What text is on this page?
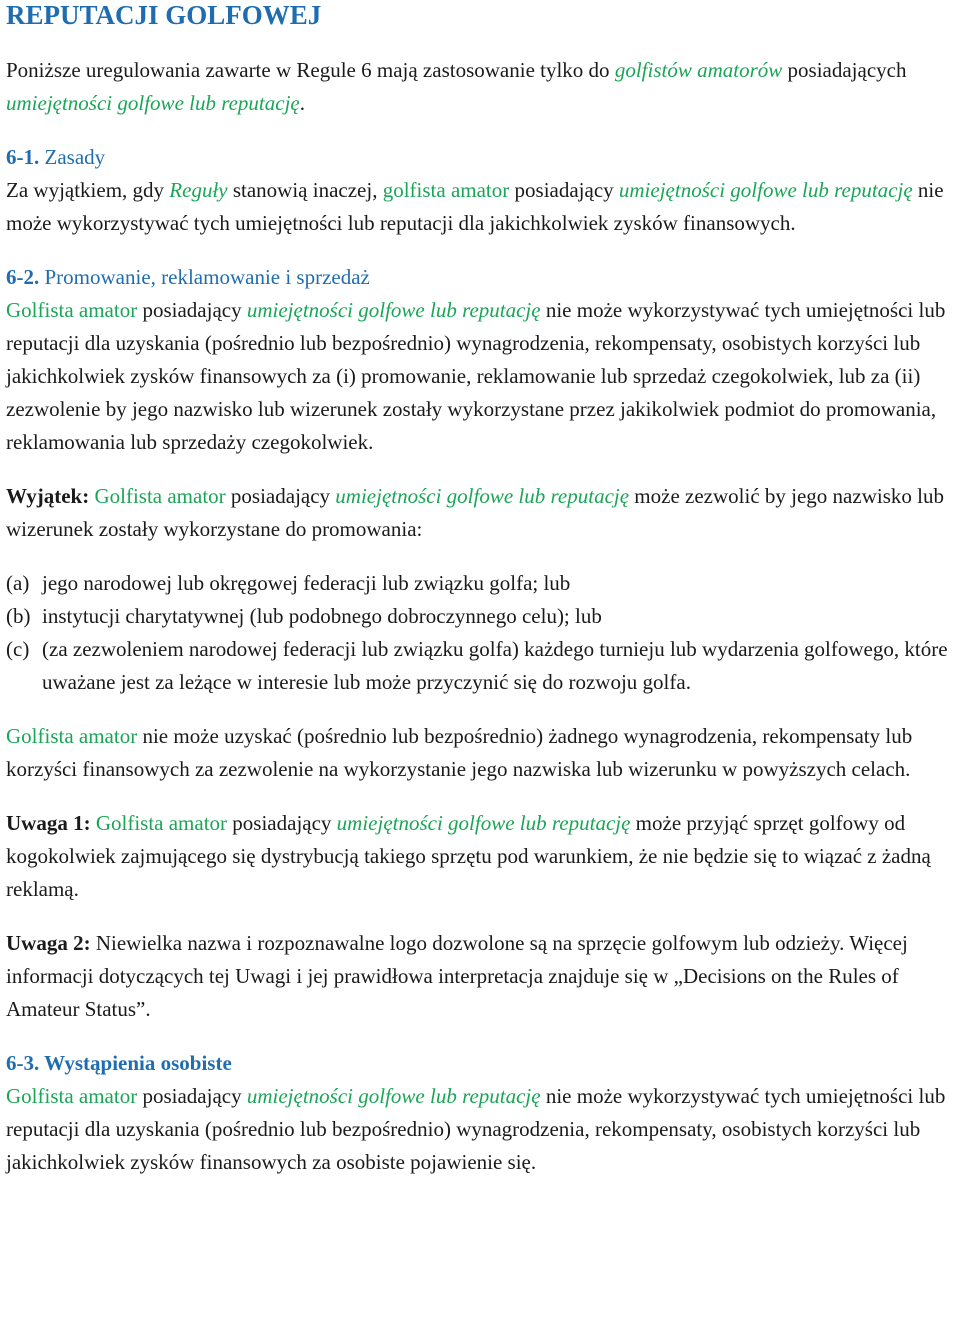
REPUTACJI GOLFOWEJ

Poniższe uregulowania zawarte w Regule 6 mają zastosowanie tylko do golfistów amatorów posiadających umiejętności golfowe lub reputację.

6-1. Zasady

Za wyjątkiem, gdy Reguły stanowią inaczej, golfista amator posiadający umiejętności golfowe lub reputację nie może wykorzystywać tych umiejętności lub reputacji dla jakichkolwiek zysków finansowych.

6-2. Promowanie, reklamowanie i sprzedaż

Golfista amator posiadający umiejętności golfowe lub reputację nie może wykorzystywać tych umiejętności lub reputacji dla uzyskania (pośrednio lub bezpośrednio) wynagrodzenia, rekompensaty, osobistych korzyści lub jakichkolwiek zysków finansowych za (i) promowanie, reklamowanie lub sprzedaż czegokolwiek, lub za (ii) zezwolenie by jego nazwisko lub wizerunek zostały wykorzystane przez jakikolwiek podmiot do promowania, reklamowania lub sprzedaży czegokolwiek.

Wyjątek: Golfista amator posiadający umiejętności golfowe lub reputację może zezwolić by jego nazwisko lub wizerunek zostały wykorzystane do promowania:

(a) jego narodowej lub okręgowej federacji lub związku golfa; lub
(b) instytucji charytatywnej (lub podobnego dobroczynnego celu); lub
(c) (za zezwoleniem narodowej federacji lub związku golfa) każdego turnieju lub wydarzenia golfowego, które uważane jest za leżące w interesie lub może przyczynić się do rozwoju golfa.

Golfista amator nie może uzyskać (pośrednio lub bezpośrednio) żadnego wynagrodzenia, rekompensaty lub korzyści finansowych za zezwolenie na wykorzystanie jego nazwiska lub wizerunku w powyższych celach.

Uwaga 1: Golfista amator posiadający umiejętności golfowe lub reputację może przyjąć sprzęt golfowy od kogokolwiek zajmującego się dystrybucją takiego sprzętu pod warunkiem, że nie będzie się to wiązać z żadną reklamą.

Uwaga 2: Niewielka nazwa i rozpoznawalne logo dozwolone są na sprzęcie golfowym lub odzieży. Więcej informacji dotyczących tej Uwagi i jej prawidłowa interpretacja znajduje się w „Decisions on the Rules of Amateur Status”.

6-3. Wystąpienia osobiste

Golfista amator posiadający umiejętności golfowe lub reputację nie może wykorzystywać tych umiejętności lub reputacji dla uzyskania (pośrednio lub bezpośrednio) wynagrodzenia, rekompensaty, osobistych korzyści lub jakichkolwiek zysków finansowych za osobiste pojawienie się.
